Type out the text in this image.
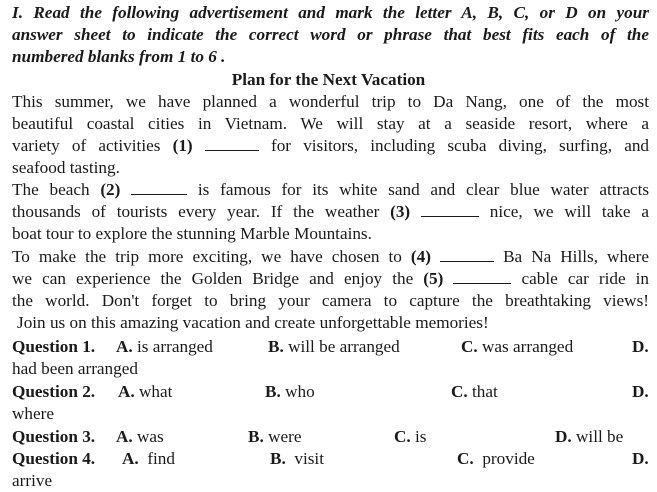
I. Read the following advertisement and mark the letter A, B, C, or D on your
answer sheet to indicate the correct word or phrase that best fits each of the
numbered blanks from 1 to 6 .
Plan for the Next Vacation
This summer, we have planned a wonderful trip to Da Nang, one of the most
beautiful coastal cities in Vietnam. We will stay at a seaside resort, where a
variety of activities (1)	for visitors, including scuba diving, surfing, and
seafood tasting.
The beach (2)	is famous for its white sand and clear blue water attracts
thousands of tourists every year. If the weather (3)	nice, we will take a
boat tour to explore the stunning Marble Mountains.
To make the trip more exciting, we have chosen to (4)	Ba Na Hills, where
we can experience the Golden Bridge and enjoy the (5)	cable car ride in
the world. Don't forget to bring your camera to capture the breathtaking views!
Join us on this amazing vacation and create unforgettable memories!
Question 1. A. is arranged	B. will be arranged	C. was arranged	D.
had been arranged
Question 2. A. what	B. who	C. that	D.
where
Question 3. A. was	B. were	C. is	D. will be
Question 4. A. find	B. visit	C. provide	D.
arrive
